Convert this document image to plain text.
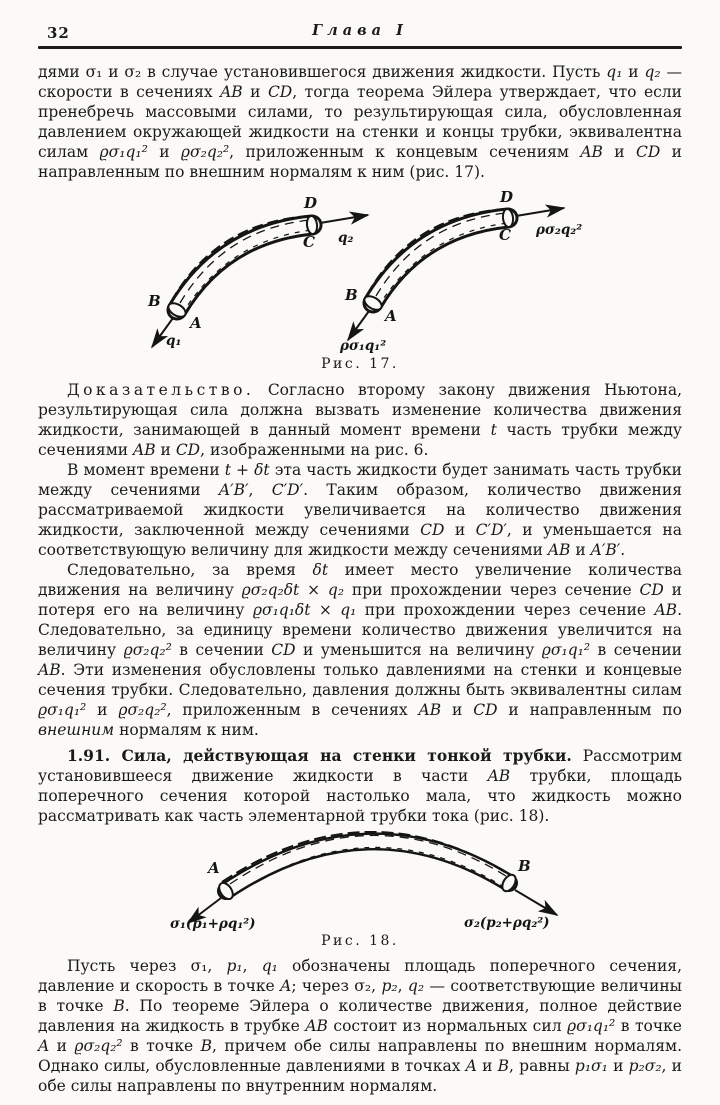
32	Глава I

дями σ₁ и σ₂ в случае установившегося движения жидкости. Пусть q₁ и q₂ — скорости в сечениях AB и CD, тогда теорема Эйлера утверждает, что если пренебречь массовыми силами, то результирующая сила, обусловленная давлением окружающей жидкости на стенки и концы трубки, эквивалентна силам ϱσ₁q₁² и ϱσ₂q₂², приложенным к концевым сечениям AB и CD и направленным по внешним нормалям к ним (рис. 17).

B
A
D
C
q₁
q₂
B
A
D
C
ρσ₁q₁²
ρσ₂q₂²
Рис. 17.

Доказательство. Согласно второму закону движения Ньютона, результирующая сила должна вызвать изменение количества движения жидкости, занимающей в данный момент времени t часть трубки между сечениями AB и CD, изображенными на рис. 6.

В момент времени t + δt эта часть жидкости будет занимать часть трубки между сечениями A′B′, C′D′. Таким образом, количество движения рассматриваемой жидкости увеличивается на количество движения жидкости, заключенной между сечениями CD и C′D′, и уменьшается на соответствующую величину для жидкости между сечениями AB и A′B′.

Следовательно, за время δt имеет место увеличение количества движения на величину ϱσ₂q₂δt × q₂ при прохождении через сечение CD и потеря его на величину ϱσ₁q₁δt × q₁ при прохождении через сечение AB. Следовательно, за единицу времени количество движения увеличится на величину ϱσ₂q₂² в сечении CD и уменьшится на величину ϱσ₁q₁² в сечении AB. Эти изменения обусловлены только давлениями на стенки и концевые сечения трубки. Следовательно, давления должны быть эквивалентны силам ϱσ₁q₁² и ϱσ₂q₂², приложенным в сечениях AB и CD и направленным по внешним нормалям к ним.

1.91. Сила, действующая на стенки тонкой трубки. Рассмотрим установившееся движение жидкости в части AB трубки, площадь поперечного сечения которой настолько мала, что жидкость можно рассматривать как часть элементарной трубки тока (рис. 18).

A	B
σ₁(p₁+ρq₁²)	σ₂(p₂+ρq₂²)
Рис. 18.

Пусть через σ₁, p₁, q₁ обозначены площадь поперечного сечения, давление и скорость в точке A; через σ₂, p₂, q₂ — соответствующие величины в точке B. По теореме Эйлера о количестве движения, полное действие давления на жидкость в трубке AB состоит из нормальных сил ϱσ₁q₁² в точке A и ϱσ₂q₂² в точке B, причем обе силы направлены по внешним нормалям. Однако силы, обусловленные давлениями в точках A и B, равны p₁σ₁ и p₂σ₂, и обе силы направлены по внутренним нормалям.
